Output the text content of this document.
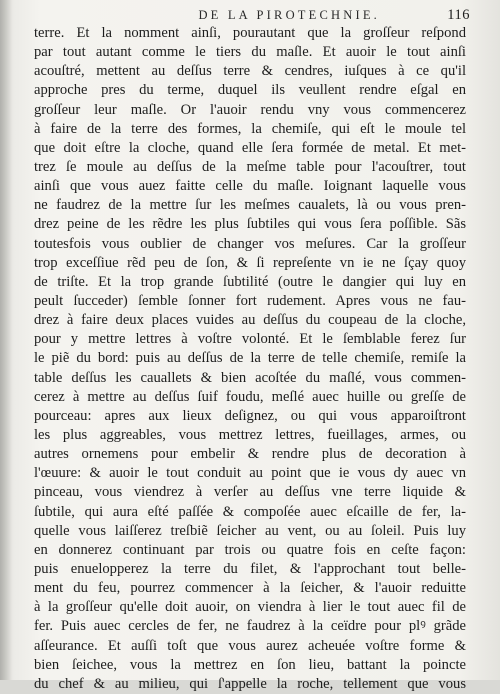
DE LA PIROTECHNIE.	116
terre. Et la nomment ainſi, pourautant que la groſſeur reſpond
par tout autant comme le tiers du maſle. Et auoir le tout ainſi
acouſtré, mettent au deſſus terre & cendres, iuſques à ce qu'il
approche pres du terme, duquel ils veullent rendre eſgal en
groſſeur leur maſle. Or l'auoir rendu vny vous commencerez
à faire de la terre des formes, la chemiſe, qui eſt le moule tel
que doit eſtre la cloche, quand elle ſera formée de metal. Et met-
trez ſe moule au deſſus de la meſme table pour l'acouſtrer, tout
ainſi que vous auez faitte celle du maſle. Ioignant laquelle vous
ne faudrez de la mettre ſur les meſmes caualets, là ou vous pren-
drez peine de les rẽdre les plus ſubtiles qui vous ſera poſſible. Sãs
toutesfois vous oublier de changer vos meſures. Car la groſſeur
trop exceſſiue rẽd peu de ſon, & ſi repreſente vn ie ne ſçay quoy
de triſte. Et la trop grande ſubtilité (outre le dangier qui luy en
peult ſucceder) ſemble ſonner fort rudement. Apres vous ne fau-
drez à faire deux places vuides au deſſus du coupeau de la cloche,
pour y mettre lettres à voſtre volonté. Et le ſemblable ferez ſur
le piẽ du bord: puis au deſſus de la terre de telle chemiſe, remiſe la
table deſſus les cauallets & bien acoſtée du maſlé, vous commen-
cerez à mettre au deſſus ſuif foudu, meſlé auec huille ou greſſe de
pourceau: apres aux lieux deſignez, ou qui vous apparoiſtront
les plus aggreables, vous mettrez lettres, fueillages, armes, ou
autres ornemens pour embelir & rendre plus de decoration à
l'œuure: & auoir le tout conduit au point que ie vous dy auec vn
pinceau, vous viendrez à verſer au deſſus vne terre liquide &
ſubtile, qui aura eſté paſſée & compoſée auec eſcaille de fer, la-
quelle vous laiſſerez treſbiẽ ſeicher au vent, ou au ſoleil. Puis luy
en donnerez continuant par trois ou quatre fois en ceſte façon:
puis enuelopperez la terre du filet, & l'approchant tout belle-
ment du feu, pourrez commencer à la ſeicher, & l'auoir reduitte
à la groſſeur qu'elle doit auoir, on viendra à lier le tout auec fil de
fer. Puis auec cercles de fer, ne faudrez à la ceïdre pour plꝰ grãde
aſſeurance. Et auſſi toſt que vous aurez acheuée voſtre forme &
bien ſeichee, vous la mettrez en ſon lieu, battant la poincte
du chef & au milieu, qui ſ'appelle la roche, tellement que vous
